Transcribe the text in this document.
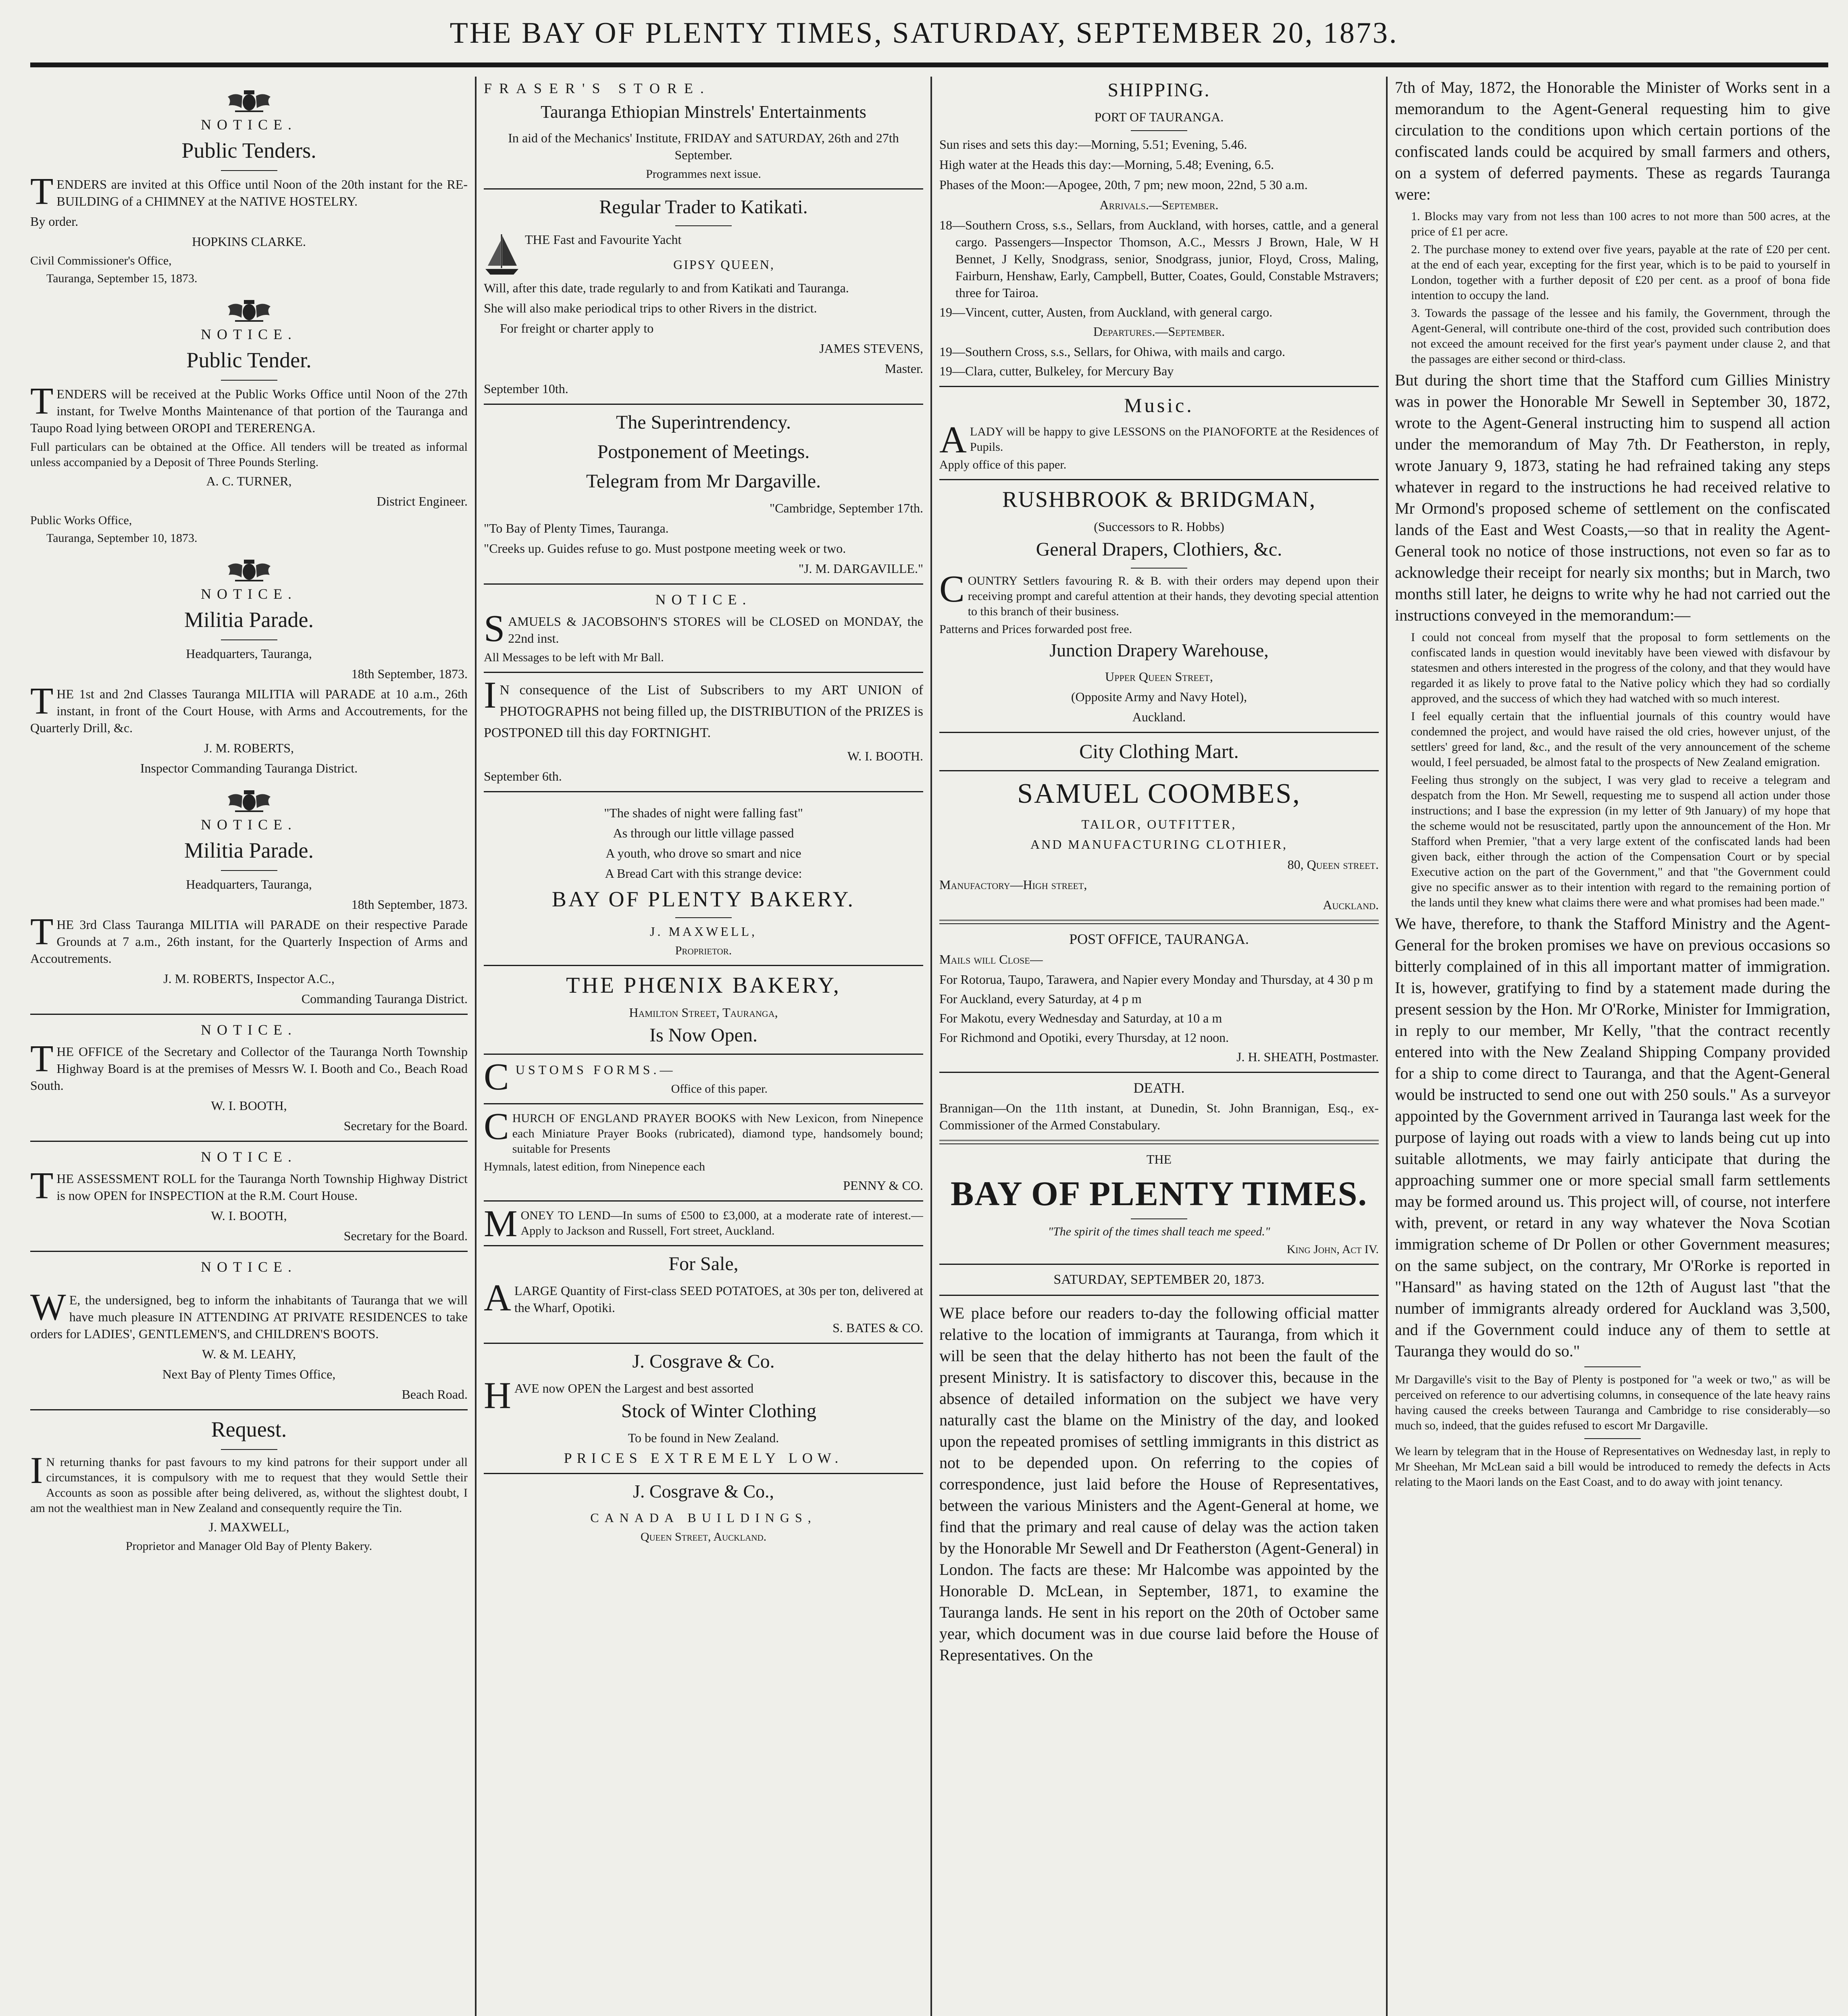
THE BAY OF PLENTY TIMES, SATURDAY, SEPTEMBER 20, 1873.
NOTICE.
Public Tenders.

TENDERS are invited at this Office until Noon of the 20th instant for the RE-BUILDING of a CHIMNEY at the NATIVE HOSTELRY.

By order.

HOPKINS CLARKE.

Civil Commissioner's Office,

Tauranga, September 15, 1873.

NOTICE.
Public Tender.

TENDERS will be received at the Public Works Office until Noon of the 27th instant, for Twelve Months Maintenance of that portion of the Tauranga and Taupo Road lying between OROPI and TERERENGA.

Full particulars can be obtained at the Office. All tenders will be treated as informal unless accompanied by a Deposit of Three Pounds Sterling.

A. C. TURNER,

District Engineer.

Public Works Office,

Tauranga, September 10, 1873.

NOTICE.
Militia Parade.

Headquarters, Tauranga,

18th September, 1873.

THE 1st and 2nd Classes Tauranga MILITIA will PARADE at 10 a.m., 26th instant, in front of the Court House, with Arms and Accoutrements, for the Quarterly Drill, &c.

J. M. ROBERTS,

Inspector Commanding Tauranga District.

NOTICE.
Militia Parade.

Headquarters, Tauranga,

18th September, 1873.

THE 3rd Class Tauranga MILITIA will PARADE on their respective Parade Grounds at 7 a.m., 26th instant, for the Quarterly Inspection of Arms and Accoutrements.

J. M. ROBERTS, Inspector A.C.,

Commanding Tauranga District.

NOTICE.

THE OFFICE of the Secretary and Collector of the Tauranga North Township Highway Board is at the premises of Messrs W. I. Booth and Co., Beach Road South.

W. I. BOOTH,

Secretary for the Board.

NOTICE.

THE ASSESSMENT ROLL for the Tauranga North Township Highway District is now OPEN for INSPECTION at the R.M. Court House.

W. I. BOOTH,

Secretary for the Board.

NOTICE.

WE, the undersigned, beg to inform the inhabitants of Tauranga that we will have much pleasure IN ATTENDING AT PRIVATE RESIDENCES to take orders for LADIES', GENTLEMEN'S, and CHILDREN'S BOOTS.

W. & M. LEAHY,

Next Bay of Plenty Times Office,

Beach Road.

Request.

IN returning thanks for past favours to my kind patrons for their support under all circumstances, it is compulsory with me to request that they would Settle their Accounts as soon as possible after being delivered, as, without the slightest doubt, I am not the wealthiest man in New Zealand and consequently require the Tin.

J. MAXWELL,

Proprietor and Manager Old Bay of Plenty Bakery.

FRASER'S STORE.
Tauranga Ethiopian Minstrels' Entertainments

In aid of the Mechanics' Institute, FRIDAY and SATURDAY, 26th and 27th September.

Programmes next issue.

Regular Trader to Katikati.

THE Fast and Favourite Yacht

GIPSY QUEEN,

Will, after this date, trade regularly to and from Katikati and Tauranga.

She will also make periodical trips to other Rivers in the district.

For freight or charter apply to

JAMES STEVENS,

Master.

September 10th.

The Superintrendency.
Postponement of Meetings.
Telegram from Mr Dargaville.

"Cambridge, September 17th.

"To Bay of Plenty Times, Tauranga.

"Creeks up. Guides refuse to go. Must postpone meeting week or two.

"J. M. DARGAVILLE."

NOTICE.

SAMUELS & JACOBSOHN'S STORES will be CLOSED on MONDAY, the 22nd inst.

All Messages to be left with Mr Ball.

IN consequence of the List of Subscribers to my ART UNION of PHOTOGRAPHS not being filled up, the DISTRIBUTION of the PRIZES is POSTPONED till this day FORTNIGHT.

W. I. BOOTH.

September 6th.

"The shades of night were falling fast"

As through our little village passed

A youth, who drove so smart and nice

A Bread Cart with this strange device:

BAY OF PLENTY BAKERY.

J. MAXWELL,

Proprietor.

THE PHŒNIX BAKERY,

Hamilton Street, Tauranga,

Is Now Open.

CUSTOMS FORMS.—

Office of this paper.

CHURCH OF ENGLAND PRAYER BOOKS with New Lexicon, from Ninepence each Miniature Prayer Books (rubricated), diamond type, handsomely bound; suitable for Presents

Hymnals, latest edition, from Ninepence each

PENNY & CO.

MONEY TO LEND—In sums of £500 to £3,000, at a moderate rate of interest.—Apply to Jackson and Russell, Fort street, Auckland.

For Sale,

ALARGE Quantity of First-class SEED POTATOES, at 30s per ton, delivered at the Wharf, Opotiki.

S. BATES & CO.

J. Cosgrave & Co.

HAVE now OPEN the Largest and best assorted

Stock of Winter Clothing

To be found in New Zealand.

PRICES EXTREMELY LOW.

J. Cosgrave & Co.,

CANADA BUILDINGS,

Queen Street, Auckland.

SHIPPING.

PORT OF TAURANGA.

Sun rises and sets this day:—Morning, 5.51; Evening, 5.46.

High water at the Heads this day:—Morning, 5.48; Evening, 6.5.

Phases of the Moon:—Apogee, 20th, 7 pm; new moon, 22nd, 5 30 a.m.

Arrivals.—September.

18—Southern Cross, s.s., Sellars, from Auckland, with horses, cattle, and a general cargo. Passengers—Inspector Thomson, A.C., Messrs J Brown, Hale, W H Bennet, J Kelly, Snodgrass, senior, Snodgrass, junior, Floyd, Cross, Maling, Fairburn, Henshaw, Early, Campbell, Butter, Coates, Gould, Constable Mstravers; three for Tairoa.

19—Vincent, cutter, Austen, from Auckland, with general cargo.

Departures.—September.

19—Southern Cross, s.s., Sellars, for Ohiwa, with mails and cargo.

19—Clara, cutter, Bulkeley, for Mercury Bay

Music.

ALADY will be happy to give LESSONS on the PIANOFORTE at the Residences of Pupils.

Apply office of this paper.

RUSHBROOK & BRIDGMAN,

(Successors to R. Hobbs)

General Drapers, Clothiers, &c.

COUNTRY Settlers favouring R. & B. with their orders may depend upon their receiving prompt and careful attention at their hands, they devoting special attention to this branch of their business.

Patterns and Prices forwarded post free.

Junction Drapery Warehouse,

Upper Queen Street,

(Opposite Army and Navy Hotel),

Auckland.

City Clothing Mart.
SAMUEL COOMBES,

TAILOR, OUTFITTER,

AND MANUFACTURING CLOTHIER,

80, Queen street.

Manufactory—High street,

Auckland.

POST OFFICE, TAURANGA.

Mails will Close—

For Rotorua, Taupo, Tarawera, and Napier every Monday and Thursday, at 4 30 p m

For Auckland, every Saturday, at 4 p m

For Makotu, every Wednesday and Saturday, at 10 a m

For Richmond and Opotiki, every Thursday, at 12 noon.

J. H. SHEATH, Postmaster.

DEATH.

Brannigan—On the 11th instant, at Dunedin, St. John Brannigan, Esq., ex-Commissioner of the Armed Constabulary.

THE

BAY OF PLENTY TIMES.

"The spirit of the times shall teach me speed."

King John, Act IV.

SATURDAY, SEPTEMBER 20, 1873.

WE place before our readers to-day the following official matter relative to the location of immigrants at Tauranga, from which it will be seen that the delay hitherto has not been the fault of the present Ministry. It is satisfactory to discover this, because in the absence of detailed information on the subject we have very naturally cast the blame on the Ministry of the day, and looked upon the repeated promises of settling immigrants in this district as not to be depended upon. On referring to the copies of correspondence, just laid before the House of Representatives, between the various Ministers and the Agent-General at home, we find that the primary and real cause of delay was the action taken by the Honorable Mr Sewell and Dr Featherston (Agent-General) in London. The facts are these: Mr Halcombe was appointed by the Honorable D. McLean, in September, 1871, to examine the Tauranga lands. He sent in his report on the 20th of October same year, which document was in due course laid before the House of Representatives. On the

7th of May, 1872, the Honorable the Minister of Works sent in a memorandum to the Agent-General requesting him to give circulation to the conditions upon which certain portions of the confiscated lands could be acquired by small farmers and others, on a system of deferred payments. These as regards Tauranga were:

1. Blocks may vary from not less than 100 acres to not more than 500 acres, at the price of £1 per acre.

2. The purchase money to extend over five years, payable at the rate of £20 per cent. at the end of each year, excepting for the first year, which is to be paid to yourself in London, together with a further deposit of £20 per cent. as a proof of bona fide intention to occupy the land.

3. Towards the passage of the lessee and his family, the Government, through the Agent-General, will contribute one-third of the cost, provided such contribution does not exceed the amount received for the first year's payment under clause 2, and that the passages are either second or third-class.

But during the short time that the Stafford cum Gillies Ministry was in power the Honorable Mr Sewell in September 30, 1872, wrote to the Agent-General instructing him to suspend all action under the memorandum of May 7th. Dr Featherston, in reply, wrote January 9, 1873, stating he had refrained taking any steps whatever in regard to the instructions he had received relative to Mr Ormond's proposed scheme of settlement on the confiscated lands of the East and West Coasts,—so that in reality the Agent-General took no notice of those instructions, not even so far as to acknowledge their receipt for nearly six months; but in March, two months still later, he deigns to write why he had not carried out the instructions conveyed in the memorandum:—

I could not conceal from myself that the proposal to form settlements on the confiscated lands in question would inevitably have been viewed with disfavour by statesmen and others interested in the progress of the colony, and that they would have regarded it as likely to prove fatal to the Native policy which they had so cordially approved, and the success of which they had watched with so much interest.

I feel equally certain that the influential journals of this country would have condemned the project, and would have raised the old cries, however unjust, of the settlers' greed for land, &c., and the result of the very announcement of the scheme would, I feel persuaded, be almost fatal to the prospects of New Zealand emigration.

Feeling thus strongly on the subject, I was very glad to receive a telegram and despatch from the Hon. Mr Sewell, requesting me to suspend all action under those instructions; and I base the expression (in my letter of 9th January) of my hope that the scheme would not be resuscitated, partly upon the announcement of the Hon. Mr Stafford when Premier, "that a very large extent of the confiscated lands had been given back, either through the action of the Compensation Court or by special Executive action on the part of the Government," and that "the Government could give no specific answer as to their intention with regard to the remaining portion of the lands until they knew what claims there were and what promises had been made."

We have, therefore, to thank the Stafford Ministry and the Agent-General for the broken promises we have on previous occasions so bitterly complained of in this all important matter of immigration. It is, however, gratifying to find by a statement made during the present session by the Hon. Mr O'Rorke, Minister for Immigration, in reply to our member, Mr Kelly, "that the contract recently entered into with the New Zealand Shipping Company provided for a ship to come direct to Tauranga, and that the Agent-General would be instructed to send one out with 250 souls." As a surveyor appointed by the Government arrived in Tauranga last week for the purpose of laying out roads with a view to lands being cut up into suitable allotments, we may fairly anticipate that during the approaching summer one or more special small farm settlements may be formed around us. This project will, of course, not interfere with, prevent, or retard in any way whatever the Nova Scotian immigration scheme of Dr Pollen or other Government measures; on the same subject, on the contrary, Mr O'Rorke is reported in "Hansard" as having stated on the 12th of August last "that the number of immigrants already ordered for Auckland was 3,500, and if the Government could induce any of them to settle at Tauranga they would do so."

Mr Dargaville's visit to the Bay of Plenty is postponed for "a week or two," as will be perceived on reference to our advertising columns, in consequence of the late heavy rains having caused the creeks between Tauranga and Cambridge to rise considerably—so much so, indeed, that the guides refused to escort Mr Dargaville.

We learn by telegram that in the House of Representatives on Wednesday last, in reply to Mr Sheehan, Mr McLean said a bill would be introduced to remedy the defects in Acts relating to the Maori lands on the East Coast, and to do away with joint tenancy.
